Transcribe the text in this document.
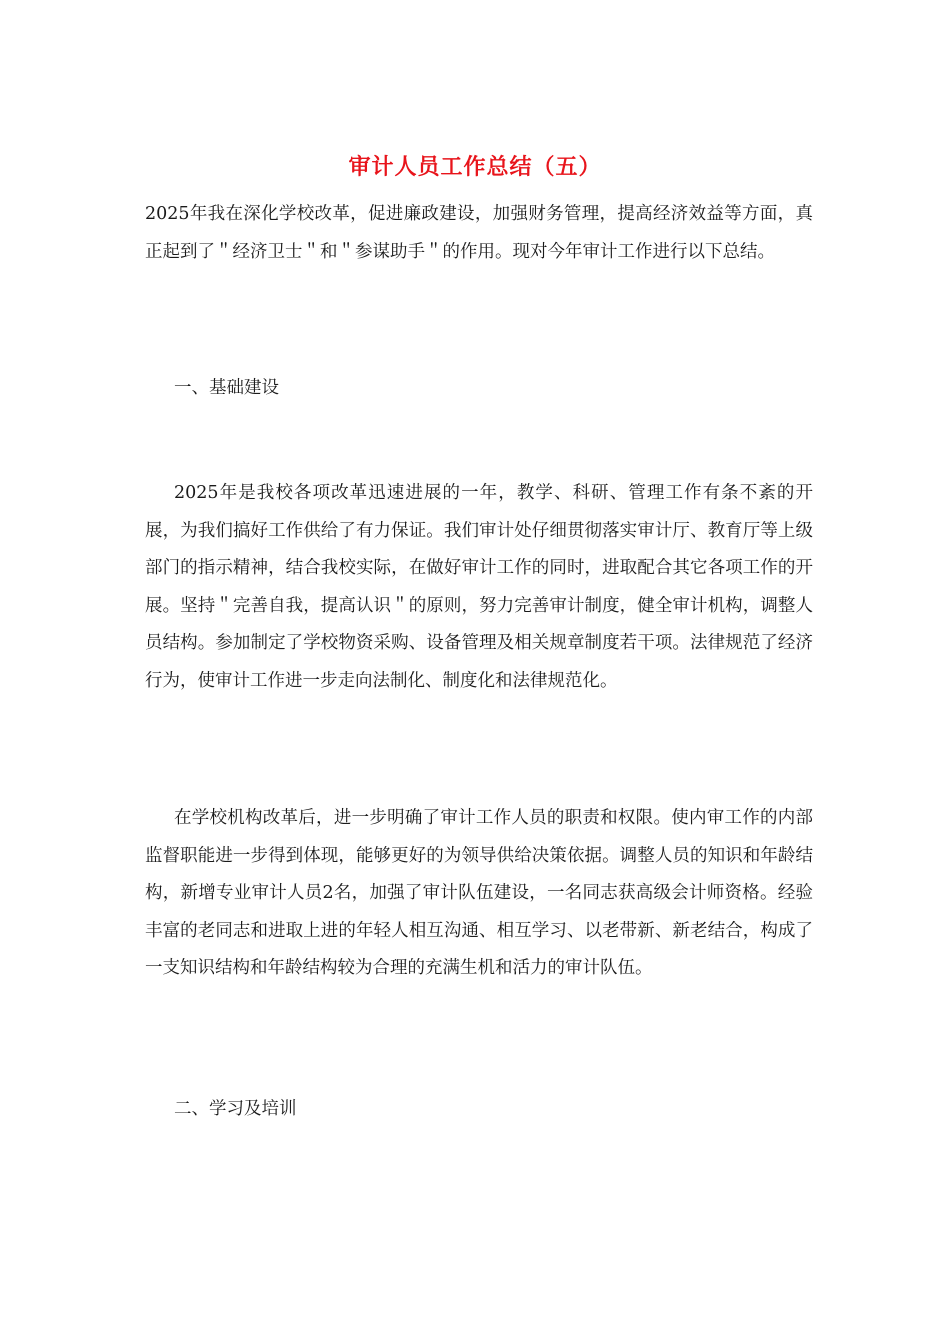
审计人员工作总结（五）
2025年我在深化学校改革，促进廉政建设，加强财务管理，提高经济效益等方面，真正起到了＂经济卫士＂和＂参谋助手＂的作用。现对今年审计工作进行以下总结。
一、基础建设
2025年是我校各项改革迅速进展的一年，教学、科研、管理工作有条不紊的开展，为我们搞好工作供给了有力保证。我们审计处仔细贯彻落实审计厅、教育厅等上级部门的指示精神，结合我校实际，在做好审计工作的同时，进取配合其它各项工作的开展。坚持＂完善自我，提高认识＂的原则，努力完善审计制度，健全审计机构，调整人员结构。参加制定了学校物资采购、设备管理及相关规章制度若干项。法律规范了经济行为，使审计工作进一步走向法制化、制度化和法律规范化。
在学校机构改革后，进一步明确了审计工作人员的职责和权限。使内审工作的内部监督职能进一步得到体现，能够更好的为领导供给决策依据。调整人员的知识和年龄结构，新增专业审计人员2名，加强了审计队伍建设，一名同志获高级会计师资格。经验丰富的老同志和进取上进的年轻人相互沟通、相互学习、以老带新、新老结合，构成了一支知识结构和年龄结构较为合理的充满生机和活力的审计队伍。
二、学习及培训
